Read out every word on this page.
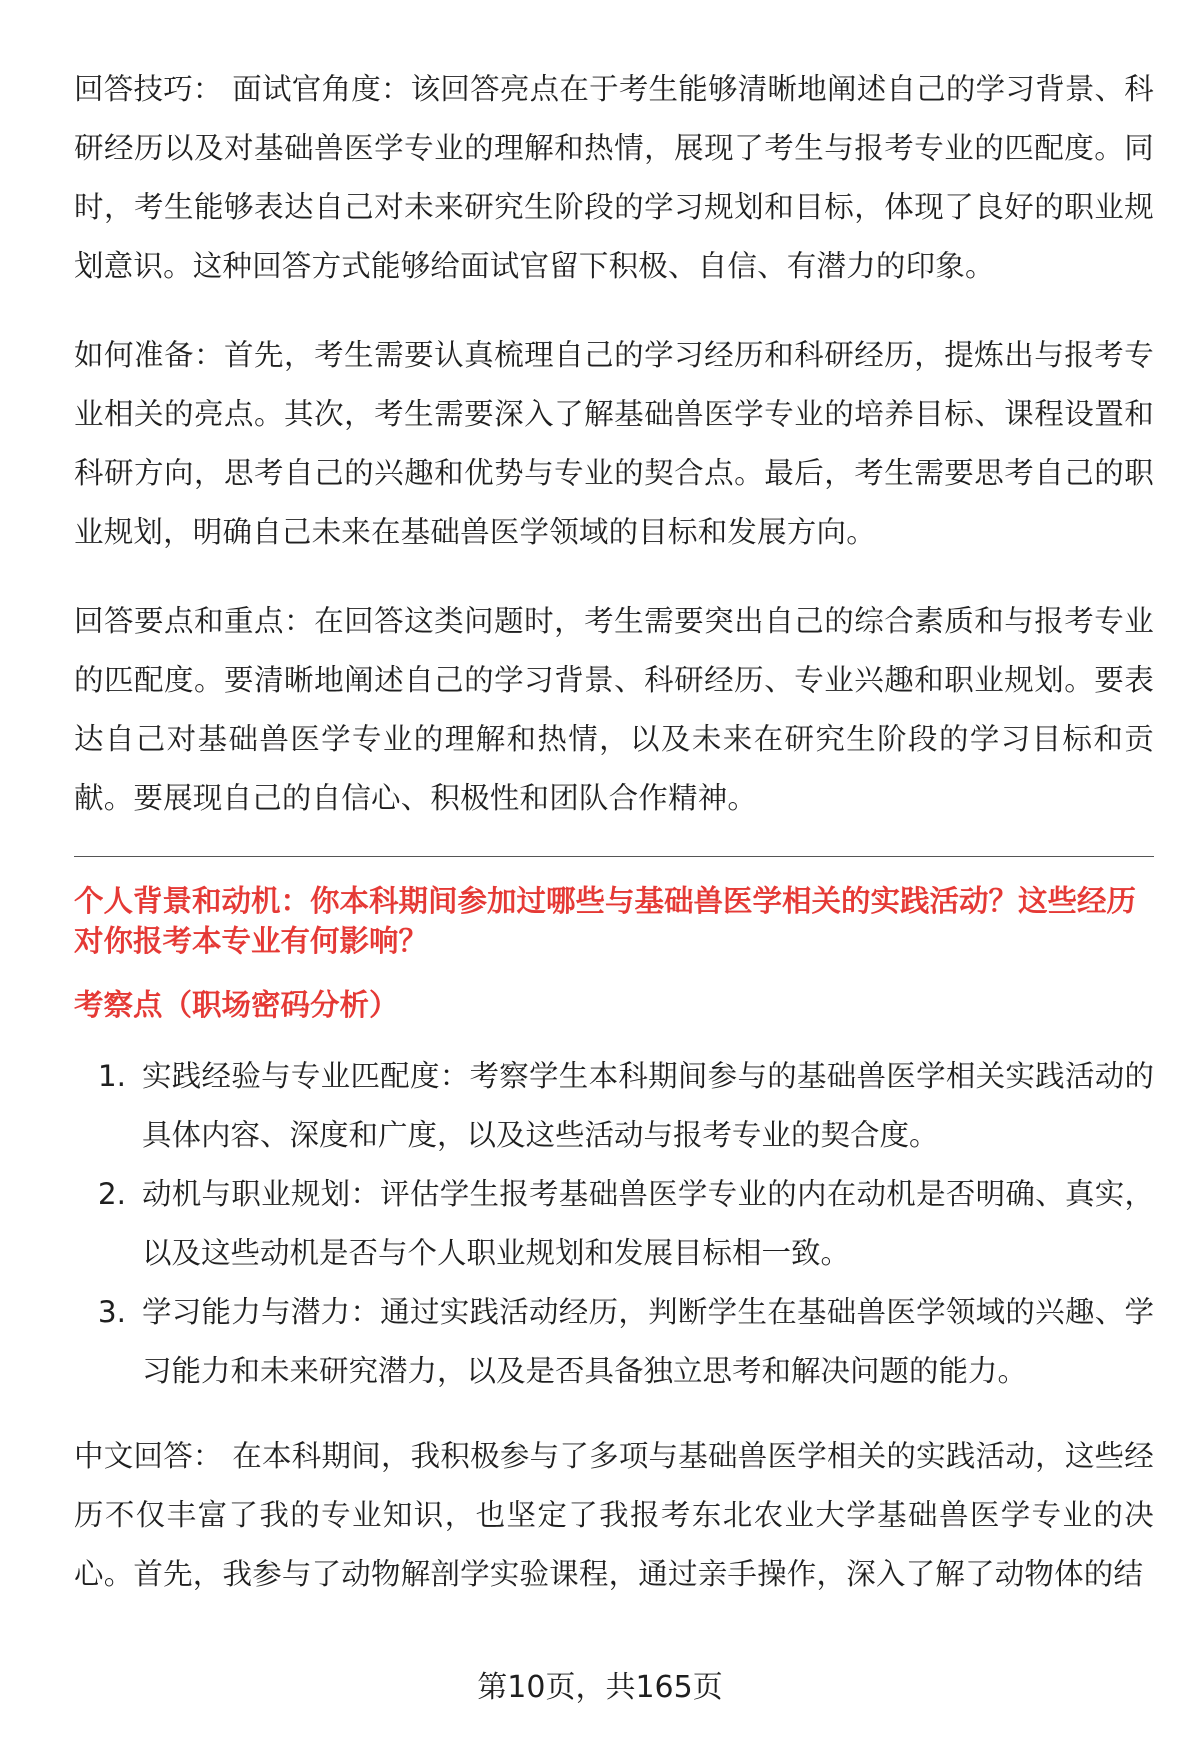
回答技巧： 面试官角度：该回答亮点在于考生能够清晰地阐述自己的学习背景、科研经历以及对基础兽医学专业的理解和热情，展现了考生与报考专业的匹配度。同时，考生能够表达自己对未来研究生阶段的学习规划和目标，体现了良好的职业规划意识。这种回答方式能够给面试官留下积极、自信、有潜力的印象。

如何准备：首先，考生需要认真梳理自己的学习经历和科研经历，提炼出与报考专业相关的亮点。其次，考生需要深入了解基础兽医学专业的培养目标、课程设置和科研方向，思考自己的兴趣和优势与专业的契合点。最后，考生需要思考自己的职业规划，明确自己未来在基础兽医学领域的目标和发展方向。

回答要点和重点：在回答这类问题时，考生需要突出自己的综合素质和与报考专业的匹配度。要清晰地阐述自己的学习背景、科研经历、专业兴趣和职业规划。要表达自己对基础兽医学专业的理解和热情，以及未来在研究生阶段的学习目标和贡献。要展现自己的自信心、积极性和团队合作精神。

个人背景和动机：你本科期间参加过哪些与基础兽医学相关的实践活动？这些经历对你报考本专业有何影响？

考察点（职场密码分析）

1. 实践经验与专业匹配度：考察学生本科期间参与的基础兽医学相关实践活动的具体内容、深度和广度，以及这些活动与报考专业的契合度。
2. 动机与职业规划：评估学生报考基础兽医学专业的内在动机是否明确、真实，以及这些动机是否与个人职业规划和发展目标相一致。
3. 学习能力与潜力：通过实践活动经历，判断学生在基础兽医学领域的兴趣、学习能力和未来研究潜力，以及是否具备独立思考和解决问题的能力。

中文回答： 在本科期间，我积极参与了多项与基础兽医学相关的实践活动，这些经历不仅丰富了我的专业知识，也坚定了我报考东北农业大学基础兽医学专业的决心。首先，我参与了动物解剖学实验课程，通过亲手操作，深入了解了动物体的结

第10页，共165页
